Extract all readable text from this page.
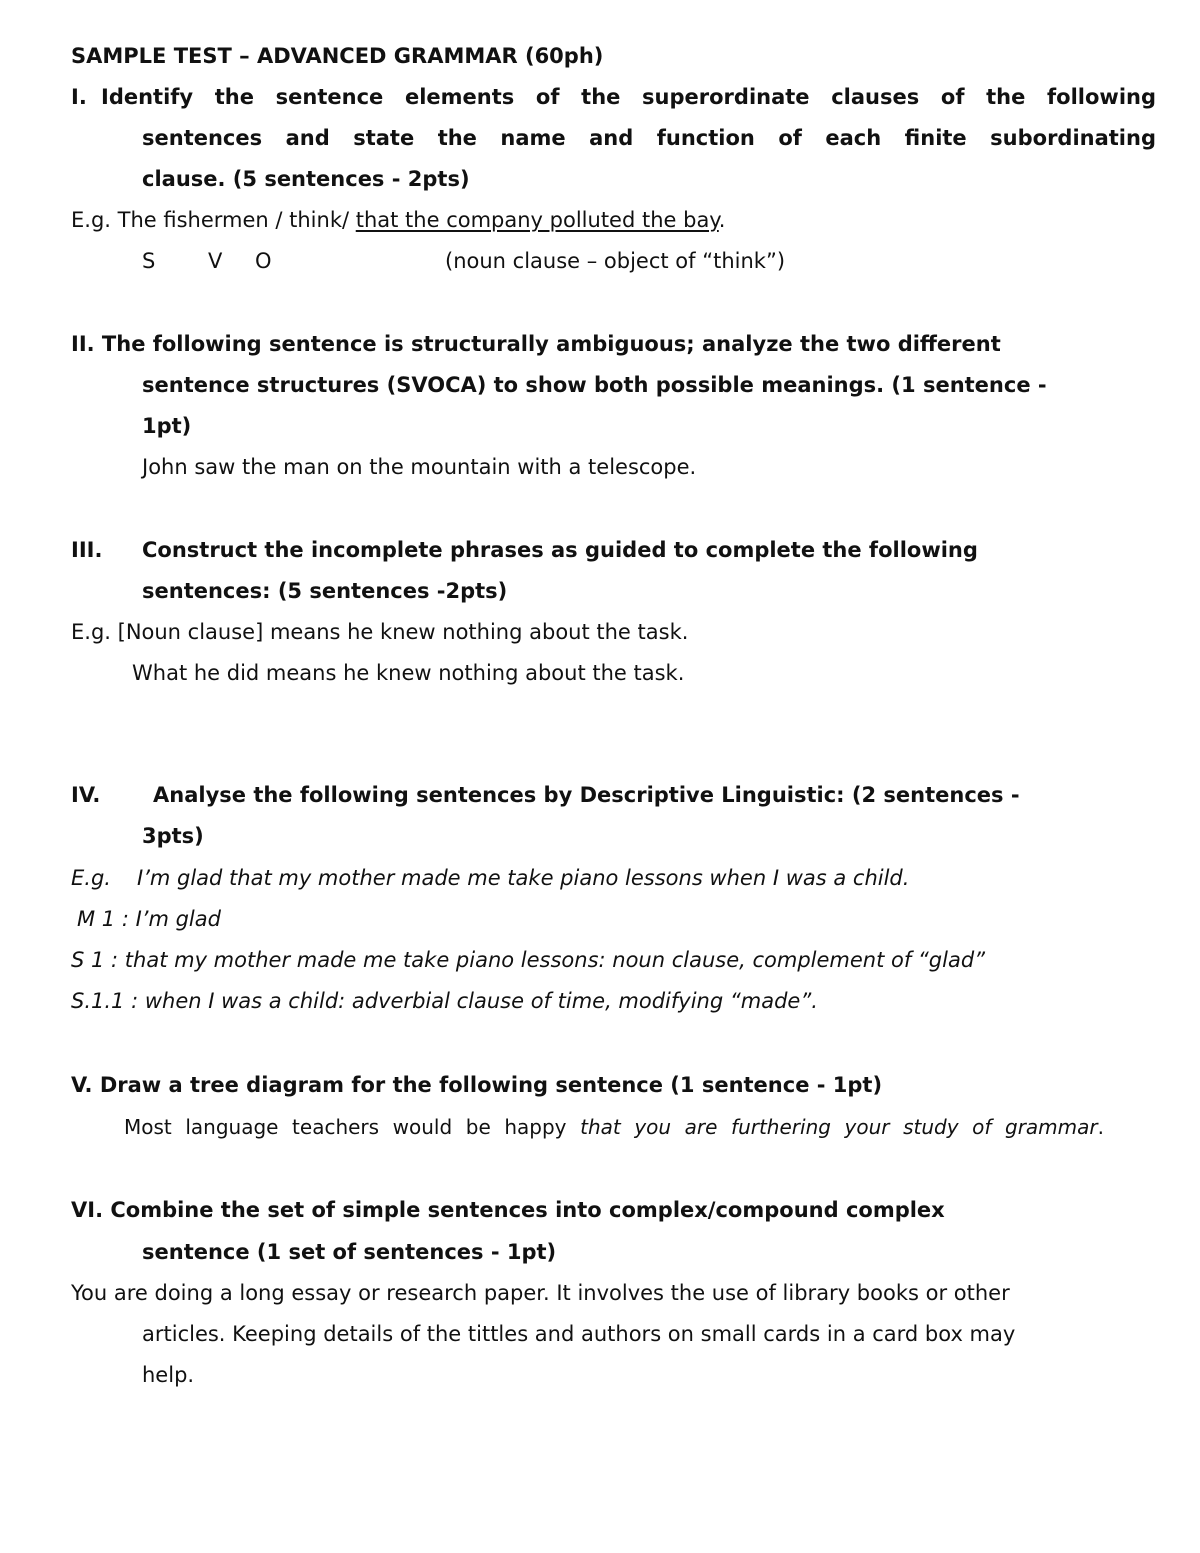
SAMPLE TEST – ADVANCED GRAMMAR (60ph)
I. Identify the sentence elements of the superordinate clauses of the following
sentences and state the name and function of each finite subordinating
clause. (5 sentences - 2pts)
E.g. The fishermen / think/ that the company polluted the bay.
S	V O	(noun clause – object of “think”)
II. The following sentence is structurally ambiguous; analyze the two different
sentence structures (SVOCA) to show both possible meanings. (1 sentence -
1pt)
John saw the man on the mountain with a telescope.
III. Construct the incomplete phrases as guided to complete the following
sentences: (5 sentences -2pts)
E.g. [Noun clause] means he knew nothing about the task.
What he did means he knew nothing about the task.
IV.	Analyse the following sentences by Descriptive Linguistic: (2 sentences -
3pts)
E.g. I’m glad that my mother made me take piano lessons when I was a child.
M 1 : I’m glad
S 1 : that my mother made me take piano lessons: noun clause, complement of “glad”
S.1.1 : when I was a child: adverbial clause of time, modifying “made”.
V. Draw a tree diagram for the following sentence (1 sentence - 1pt)
Most language teachers would be happy that you are furthering your study of grammar.
VI. Combine the set of simple sentences into complex/compound complex
sentence (1 set of sentences - 1pt)
You are doing a long essay or research paper. It involves the use of library books or other
articles. Keeping details of the tittles and authors on small cards in a card box may
help.
